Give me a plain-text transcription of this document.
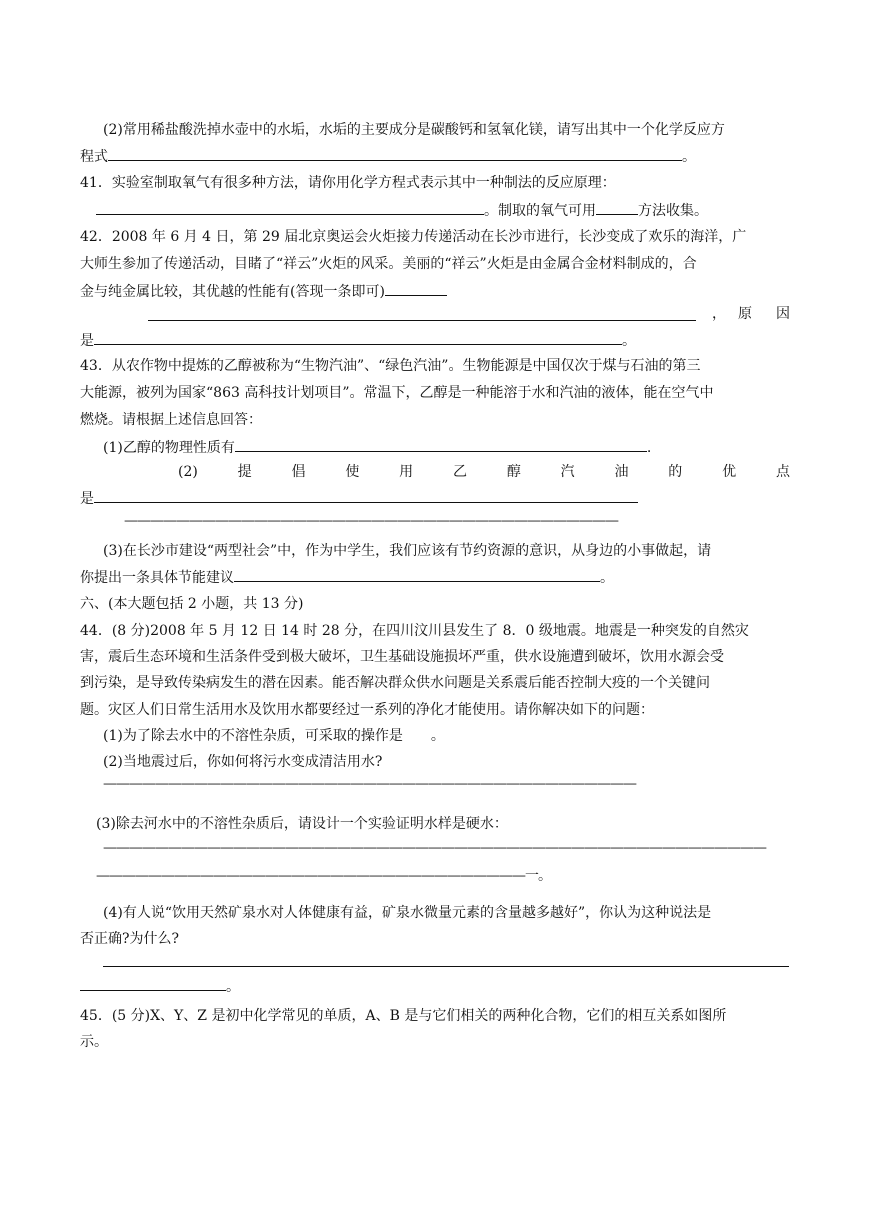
(2)常用稀盐酸洗掉水壶中的水垢，水垢的主要成分是碳酸钙和氢氧化镁，请写出其中一个化学反应方
程式	。
41．实验室制取氧气有很多种方法，请你用化学方程式表示其中一种制法的反应原理：
。制取的氧气可用	方法收集。
42．2008 年 6 月 4 日，第 29 届北京奥运会火炬接力传递活动在长沙市进行，长沙变成了欢乐的海洋，广
大师生参加了传递活动，目睹了“祥云”火炬的风采。美丽的“祥云”火炬是由金属合金材料制成的，合
金与纯金属比较，其优越的性能有(答现一条即可)
， 原 因
是	。
43．从农作物中提炼的乙醇被称为“生物汽油”、“绿色汽油”。生物能源是中国仅次于煤与石油的第三
大能源，被列为国家“863 高科技计划项目”。常温下，乙醇是一种能溶于水和汽油的液体，能在空气中
燃烧。请根据上述信息回答：
(1)乙醇的物理性质有	.
(2)	提	倡	使	用	乙	醇	汽	油	的	优	点
是
——————————————————————————————————————
(3)在长沙市建设“两型社会”中，作为中学生，我们应该有节约资源的意识，从身边的小事做起，请
你提出一条具体节能建议	。
六、(本大题包括 2 小题，共 13 分)
44．(8 分)2008 年 5 月 12 日 14 时 28 分，在四川汶川县发生了 8．0 级地震。地震是一种突发的自然灾
害，震后生态环境和生活条件受到极大破坏，卫生基础设施损坏严重，供水设施遭到破坏，饮用水源会受
到污染，是导致传染病发生的潜在因素。能否解决群众供水问题是关系震后能否控制大疫的一个关键问
题。灾区人们日常生活用水及饮用水都要经过一系列的净化才能使用。请你解决如下的问题：
(1)为了除去水中的不溶性杂质，可采取的操作是　　。
(2)当地震过后，你如何将污水变成清洁用水?
—————————————————————————————————————————
(3)除去河水中的不溶性杂质后，请设计一个实验证明水样是硬水：
———————————————————————————————————————————————————
—————————————————————————————————一。
(4)有人说“饮用天然矿泉水对人体健康有益，矿泉水微量元素的含量越多越好”，你认为这种说法是
否正确?为什么?
。
45．(5 分)X、Y、Z 是初中化学常见的单质，A、B 是与它们相关的两种化合物，它们的相互关系如图所
示。
